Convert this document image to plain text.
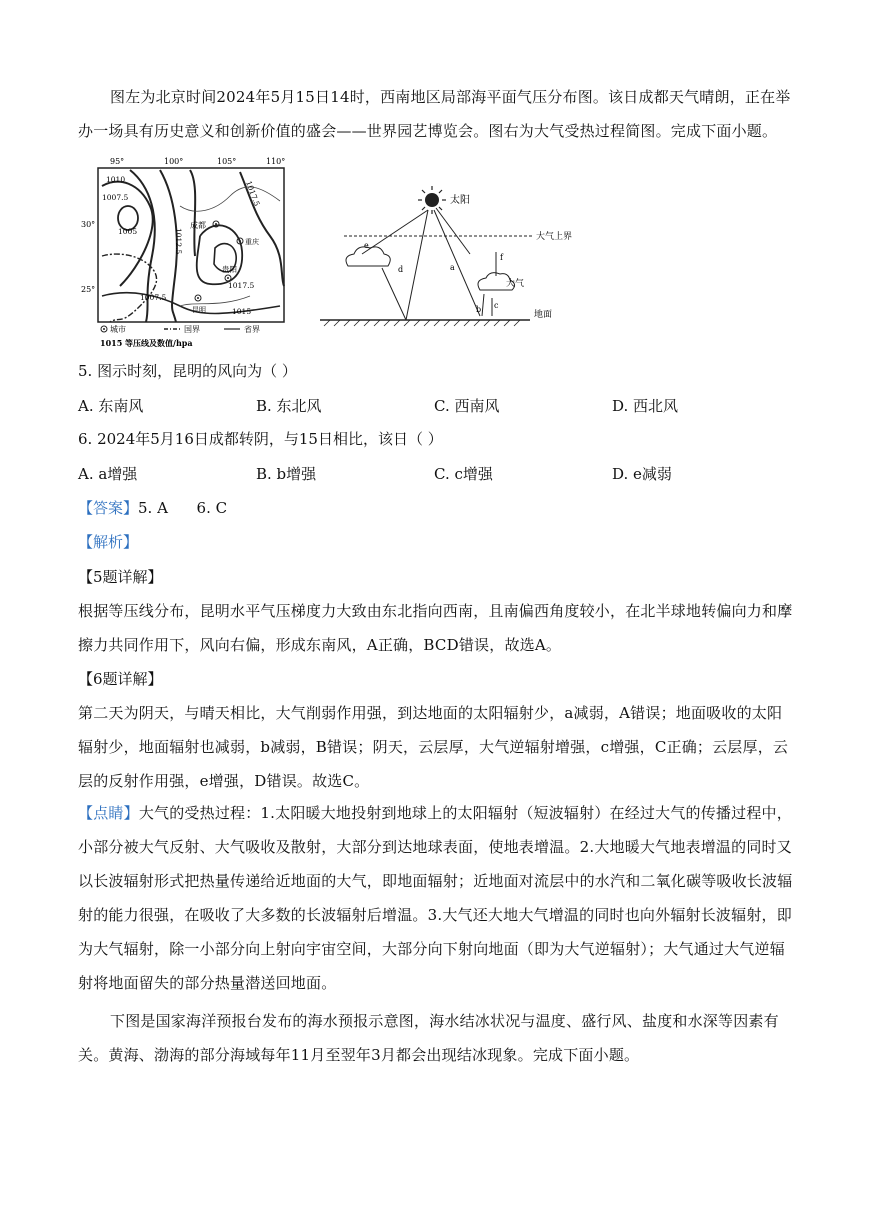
图左为北京时间2024年5月15日14时，西南地区局部海平面气压分布图。该日成都天气晴朗，正在举办一场具有历史意义和创新价值的盛会——世界园艺博览会。图右为大气受热过程简图。完成下面小题。
95°	100°	105°	110°
30°
25°
1010
1007.5
1005	1012.5
1017.5
1007.5
1017.5
1015
成都
重庆
贵阳
昆明
城市	国界	省界
1015 等压线及数值/hpa
太阳
大气上界
大气
e
d	a
b c
f
地面
5. 图示时刻，昆明的风向为（ ）
A. 东南风	B. 东北风	C. 西南风	D. 西北风
6. 2024年5月16日成都转阴，与15日相比，该日（ ）
A. a增强	B. b增强	C. c增强	D. e减弱
【答案】5. A      6. C
【解析】
【5题详解】
根据等压线分布，昆明水平气压梯度力大致由东北指向西南，且南偏西角度较小，在北半球地转偏向力和摩擦力共同作用下，风向右偏，形成东南风，A正确，BCD错误，故选A。
【6题详解】
第二天为阴天，与晴天相比，大气削弱作用强，到达地面的太阳辐射少，a减弱，A错误；地面吸收的太阳辐射少，地面辐射也减弱，b减弱，B错误；阴天，云层厚，大气逆辐射增强，c增强，C正确；云层厚，云层的反射作用强，e增强，D错误。故选C。
【点睛】大气的受热过程：1.太阳暖大地投射到地球上的太阳辐射（短波辐射）在经过大气的传播过程中，小部分被大气反射、大气吸收及散射，大部分到达地球表面，使地表增温。2.大地暖大气地表增温的同时又以长波辐射形式把热量传递给近地面的大气，即地面辐射；近地面对流层中的水汽和二氧化碳等吸收长波辐射的能力很强，在吸收了大多数的长波辐射后增温。3.大气还大地大气增温的同时也向外辐射长波辐射，即为大气辐射，除一小部分向上射向宇宙空间，大部分向下射向地面（即为大气逆辐射）；大气通过大气逆辐射将地面留失的部分热量潜送回地面。
下图是国家海洋预报台发布的海水预报示意图，海水结冰状况与温度、盛行风、盐度和水深等因素有关。黄海、渤海的部分海域每年11月至翌年3月都会出现结冰现象。完成下面小题。
